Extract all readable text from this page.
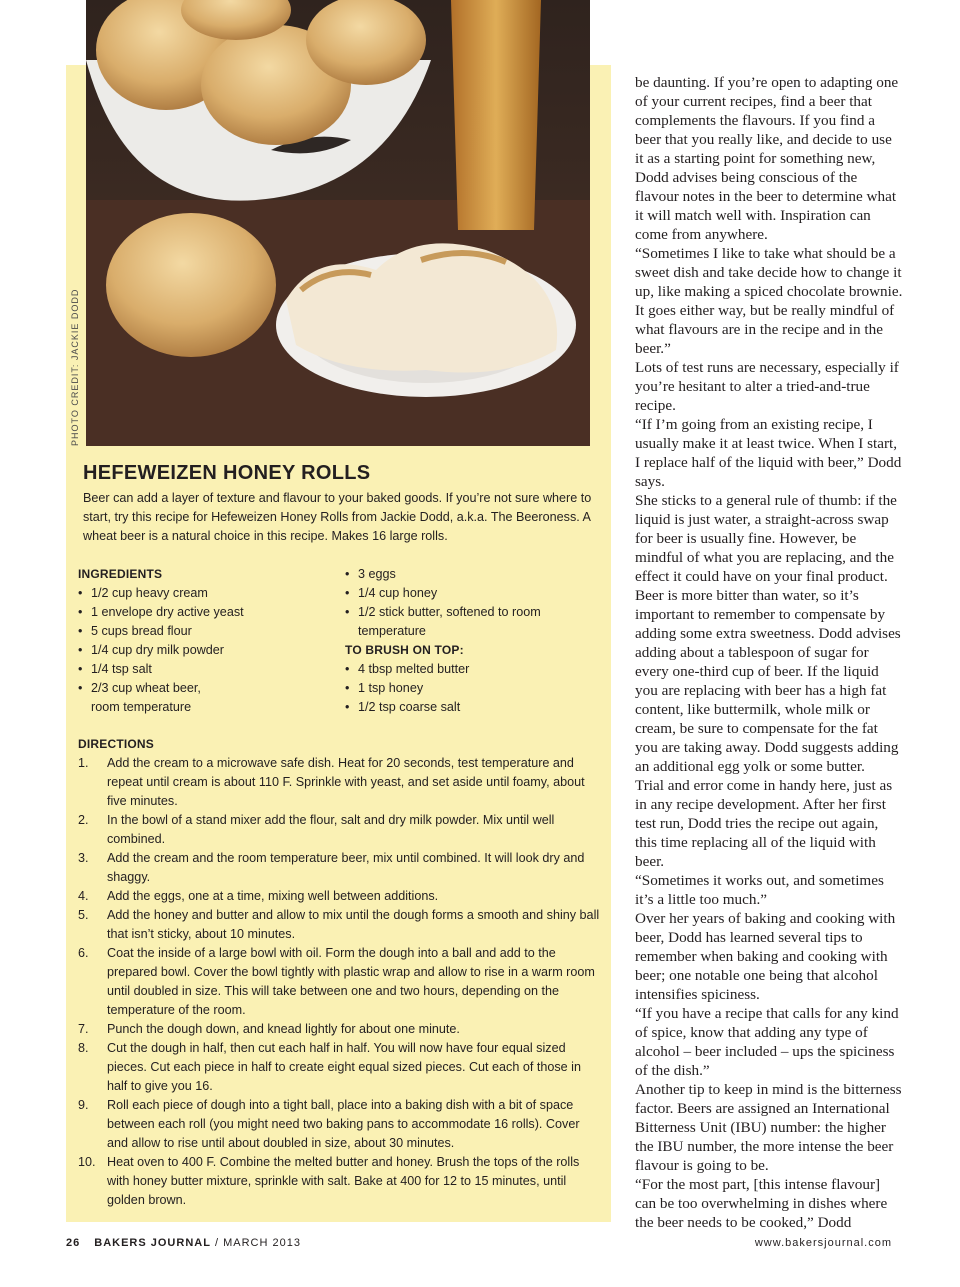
HEFEWEIZEN HONEY ROLLS
Beer can add a layer of texture and flavour to your baked goods. If you’re not sure where to start, try this recipe for Hefeweizen Honey Rolls from Jackie Dodd, a.k.a. The Beeroness. A wheat beer is a natural choice in this recipe. Makes 16 large rolls.
INGREDIENTS
• 1/2 cup heavy cream
• 1 envelope dry active yeast
• 5 cups bread flour
• 1/4 cup dry milk powder
• 1/4 tsp salt
• 2/3 cup wheat beer, room temperature
• 3 eggs
• 1/4 cup honey
• 1/2 stick butter, softened to room temperature
TO BRUSH ON TOP:
• 4 tbsp melted butter
• 1 tsp honey
• 1/2 tsp coarse salt
DIRECTIONS
1.	Add the cream to a microwave safe dish. Heat for 20 seconds, test temperature and repeat until cream is about 110 F. Sprinkle with yeast, and set aside until foamy, about five minutes.
2.	In the bowl of a stand mixer add the flour, salt and dry milk powder. Mix until well combined.
3.	Add the cream and the room temperature beer, mix until combined. It will look dry and shaggy.
4.	Add the eggs, one at a time, mixing well between additions.
5.	Add the honey and butter and allow to mix until the dough forms a smooth and shiny ball that isn’t sticky, about 10 minutes.
6.	Coat the inside of a large bowl with oil. Form the dough into a ball and add to the prepared bowl. Cover the bowl tightly with plastic wrap and allow to rise in a warm room until doubled in size. This will take between one and two hours, depending on the temperature of the room.
7.	Punch the dough down, and knead lightly for about one minute.
8.	Cut the dough in half, then cut each half in half. You will now have four equal sized pieces. Cut each piece in half to create eight equal sized pieces. Cut each of those in half to give you 16.
9.	Roll each piece of dough into a tight ball, place into a baking dish with a bit of space between each roll (you might need two baking pans to accommodate 16 rolls). Cover and allow to rise until about doubled in size, about 30 minutes.
10. Heat oven to 400 F. Combine the melted butter and honey. Brush the tops of the rolls with honey butter mixture, sprinkle with salt. Bake at 400 for 12 to 15 minutes, until golden brown.
be daunting. If you’re open to adapting one of your current recipes, find a beer that complements the flavours. If you find a beer that you really like, and decide to use it as a starting point for something new, Dodd advises being conscious of the flavour notes in the beer to determine what it will match well with. Inspiration can come from anywhere.
“Sometimes I like to take what should be a sweet dish and take decide how to change it up, like making a spiced chocolate brownie. It goes either way, but be really mindful of what flavours are in the recipe and in the beer.”
Lots of test runs are necessary, especially if you’re hesitant to alter a tried-and-true recipe.
“If I’m going from an existing recipe, I usually make it at least twice. When I start, I replace half of the liquid with beer,” Dodd says.
She sticks to a general rule of thumb: if the liquid is just water, a straight-across swap for beer is usually fine. However, be mindful of what you are replacing, and the effect it could have on your final product. Beer is more bitter than water, so it’s important to remember to compensate by adding some extra sweetness. Dodd advises adding about a tablespoon of sugar for every one-third cup of beer. If the liquid you are replacing with beer has a high fat content, like buttermilk, whole milk or cream, be sure to compensate for the fat you are taking away. Dodd suggests adding an additional egg yolk or some butter.
Trial and error come in handy here, just as in any recipe development. After her first test run, Dodd tries the recipe out again, this time replacing all of the liquid with beer.
“Sometimes it works out, and sometimes it’s a little too much.”
Over her years of baking and cooking with beer, Dodd has learned several tips to remember when baking and cooking with beer; one notable one being that alcohol intensifies spiciness.
“If you have a recipe that calls for any kind of spice, know that adding any type of alcohol – beer included – ups the spiciness of the dish.”
Another tip to keep in mind is the bitterness factor. Beers are assigned an International Bitterness Unit (IBU) number: the higher the IBU number, the more intense the beer flavour is going to be.
“For the most part, [this intense flavour] can be too overwhelming in dishes where the beer needs to be cooked,” Dodd
26 BAKERS JOURNAL / MARCH 2013	www.bakersjournal.com
